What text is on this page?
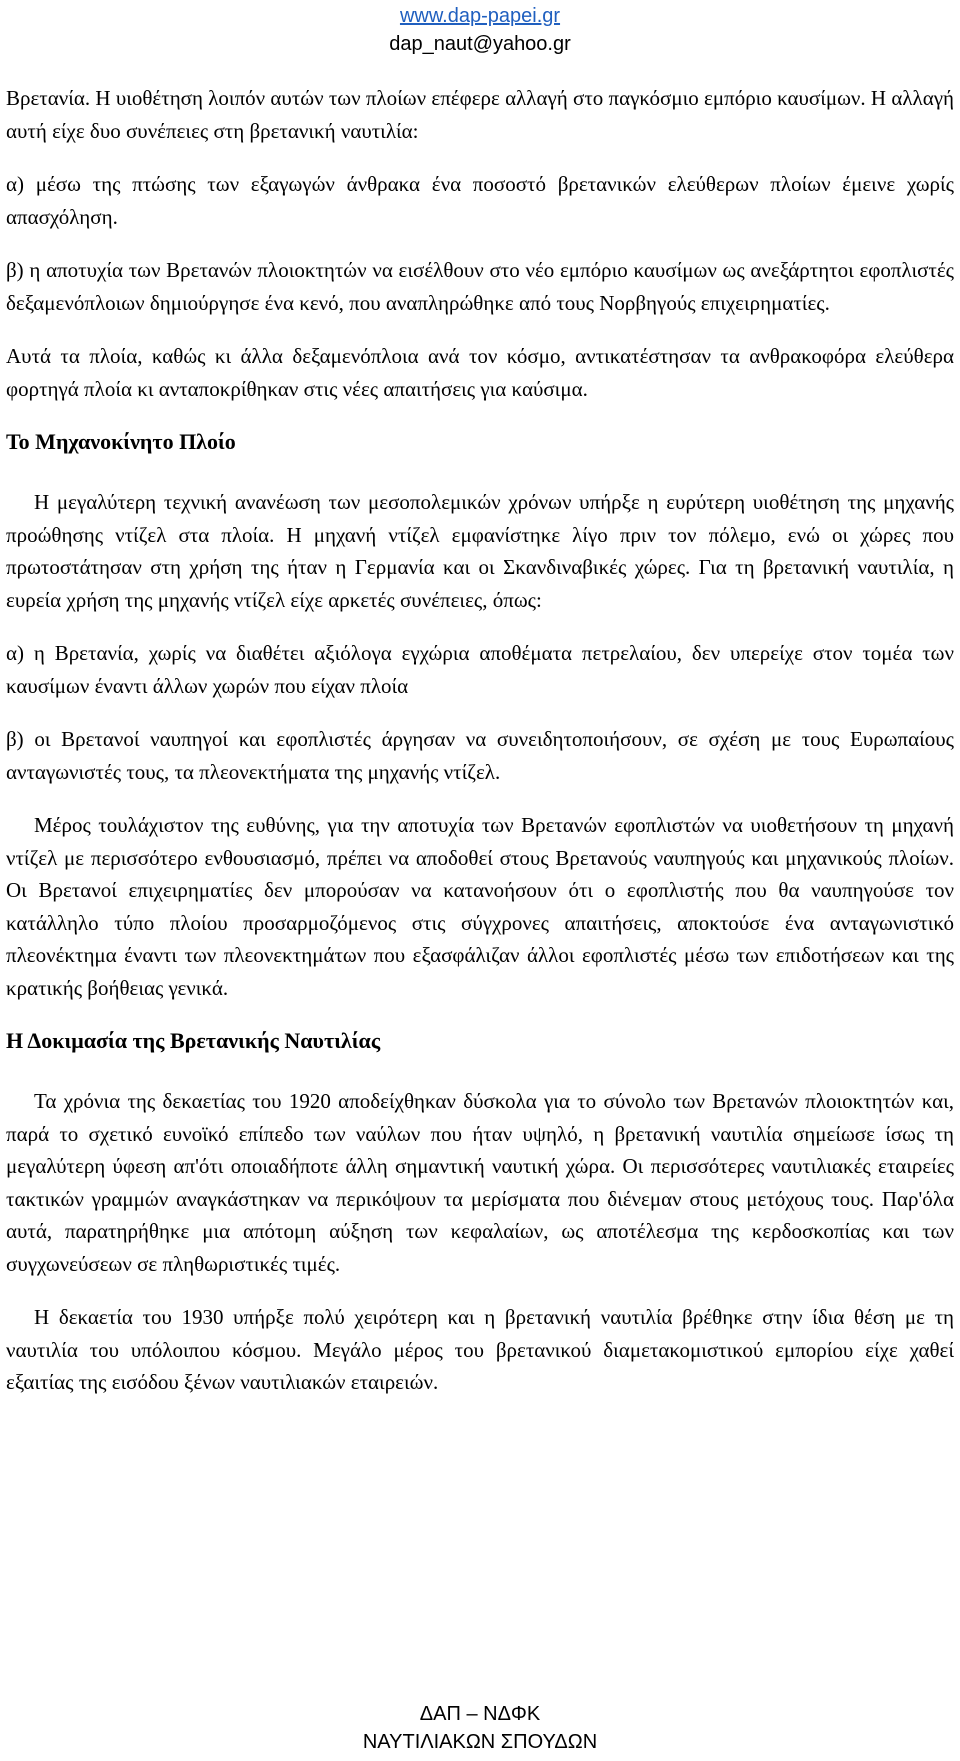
www.dap-papei.gr
dap_naut@yahoo.gr

Βρετανία. Η υιοθέτηση λοιπόν αυτών των πλοίων επέφερε αλλαγή στο παγκόσμιο εμπόριο καυσίμων. Η αλλαγή αυτή είχε δυο συνέπειες στη βρετανική ναυτιλία:

α) μέσω της πτώσης των εξαγωγών άνθρακα ένα ποσοστό βρετανικών ελεύθερων πλοίων έμεινε χωρίς απασχόληση.

β) η αποτυχία των Βρετανών πλοιοκτητών να εισέλθουν στο νέο εμπόριο καυσίμων ως ανεξάρτητοι εφοπλιστές δεξαμενόπλοιων δημιούργησε ένα κενό, που αναπληρώθηκε από τους Νορβηγούς επιχειρηματίες.

Αυτά τα πλοία, καθώς κι άλλα δεξαμενόπλοια ανά τον κόσμο, αντικατέστησαν τα ανθρακοφόρα ελεύθερα φορτηγά πλοία κι ανταποκρίθηκαν στις νέες απαιτήσεις για καύσιμα.

Το Μηχανοκίνητο Πλοίο

Η μεγαλύτερη τεχνική ανανέωση των μεσοπολεμικών χρόνων υπήρξε η ευρύτερη υιοθέτηση της μηχανής προώθησης ντίζελ στα πλοία. Η μηχανή ντίζελ εμφανίστηκε λίγο πριν τον πόλεμο, ενώ οι χώρες που πρωτοστάτησαν στη χρήση της ήταν η Γερμανία και οι Σκανδιναβικές χώρες. Για τη βρετανική ναυτιλία, η ευρεία χρήση της μηχανής ντίζελ είχε αρκετές συνέπειες, όπως:

α) η Βρετανία, χωρίς να διαθέτει αξιόλογα εγχώρια αποθέματα πετρελαίου, δεν υπερείχε στον τομέα των καυσίμων έναντι άλλων χωρών που είχαν πλοία

β) οι Βρετανοί ναυπηγοί και εφοπλιστές άργησαν να συνειδητοποιήσουν, σε σχέση με τους Ευρωπαίους ανταγωνιστές τους, τα πλεονεκτήματα της μηχανής ντίζελ.

Μέρος τουλάχιστον της ευθύνης, για την αποτυχία των Βρετανών εφοπλιστών να υιοθετήσουν τη μηχανή ντίζελ με περισσότερο ενθουσιασμό, πρέπει να αποδοθεί στους Βρετανούς ναυπηγούς και μηχανικούς πλοίων. Οι Βρετανοί επιχειρηματίες δεν μπορούσαν να κατανοήσουν ότι ο εφοπλιστής που θα ναυπηγούσε τον κατάλληλο τύπο πλοίου προσαρμοζόμενος στις σύγχρονες απαιτήσεις, αποκτούσε ένα ανταγωνιστικό πλεονέκτημα έναντι των πλεονεκτημάτων που εξασφάλιζαν άλλοι εφοπλιστές μέσω των επιδοτήσεων και της κρατικής βοήθειας γενικά.

Η Δοκιμασία της Βρετανικής Ναυτιλίας

Τα χρόνια της δεκαετίας του 1920 αποδείχθηκαν δύσκολα για το σύνολο των Βρετανών πλοιοκτητών και, παρά το σχετικό ευνοϊκό επίπεδο των ναύλων που ήταν υψηλό, η βρετανική ναυτιλία σημείωσε ίσως τη μεγαλύτερη ύφεση απ'ότι οποιαδήποτε άλλη σημαντική ναυτική χώρα. Οι περισσότερες ναυτιλιακές εταιρείες τακτικών γραμμών αναγκάστηκαν να περικόψουν τα μερίσματα που διένεμαν στους μετόχους τους. Παρ'όλα αυτά, παρατηρήθηκε μια απότομη αύξηση των κεφαλαίων, ως αποτέλεσμα της κερδοσκοπίας και των συγχωνεύσεων σε πληθωριστικές τιμές.

Η δεκαετία του 1930 υπήρξε πολύ χειρότερη και η βρετανική ναυτιλία βρέθηκε στην ίδια θέση με τη ναυτιλία του υπόλοιπου κόσμου. Μεγάλο μέρος του βρετανικού διαμετακομιστικού εμπορίου είχε χαθεί εξαιτίας της εισόδου ξένων ναυτιλιακών εταιρειών.

ΔΑΠ – ΝΔΦΚ
ΝΑΥΤΙΛΙΑΚΩΝ ΣΠΟΥΔΩΝ
